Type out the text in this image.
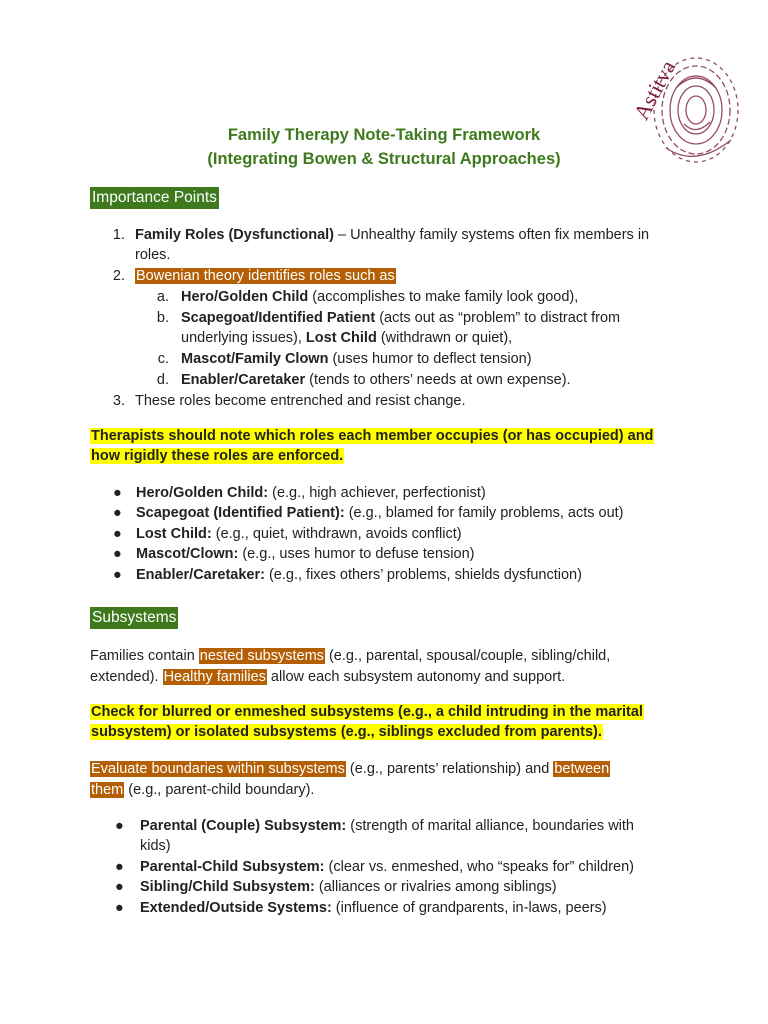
Astitva
Family Therapy Note-Taking Framework
(Integrating Bowen & Structural Approaches)
Importance Points
1. Family Roles (Dysfunctional) – Unhealthy family systems often fix members in
roles.
2. Bowenian theory identifies roles such as
a. Hero/Golden Child (accomplishes to make family look good),
b. Scapegoat/Identified Patient (acts out as “problem” to distract from
underlying issues), Lost Child (withdrawn or quiet),
c. Mascot/Family Clown (uses humor to deflect tension)
d. Enabler/Caretaker (tends to others’ needs at own expense).
3. These roles become entrenched and resist change.
Therapists should note which roles each member occupies (or has occupied) and
how rigidly these roles are enforced.
● Hero/Golden Child: (e.g., high achiever, perfectionist)
● Scapegoat (Identified Patient): (e.g., blamed for family problems, acts out)
● Lost Child: (e.g., quiet, withdrawn, avoids conflict)
● Mascot/Clown: (e.g., uses humor to defuse tension)
● Enabler/Caretaker: (e.g., fixes others’ problems, shields dysfunction)
Subsystems
Families contain nested subsystems (e.g., parental, spousal/couple, sibling/child,
extended). Healthy families allow each subsystem autonomy and support.
Check for blurred or enmeshed subsystems (e.g., a child intruding in the marital
subsystem) or isolated subsystems (e.g., siblings excluded from parents).
Evaluate boundaries within subsystems (e.g., parents’ relationship) and between
them (e.g., parent-child boundary).
● Parental (Couple) Subsystem: (strength of marital alliance, boundaries with
kids)
● Parental-Child Subsystem: (clear vs. enmeshed, who “speaks for” children)
● Sibling/Child Subsystem: (alliances or rivalries among siblings)
● Extended/Outside Systems: (influence of grandparents, in-laws, peers)
